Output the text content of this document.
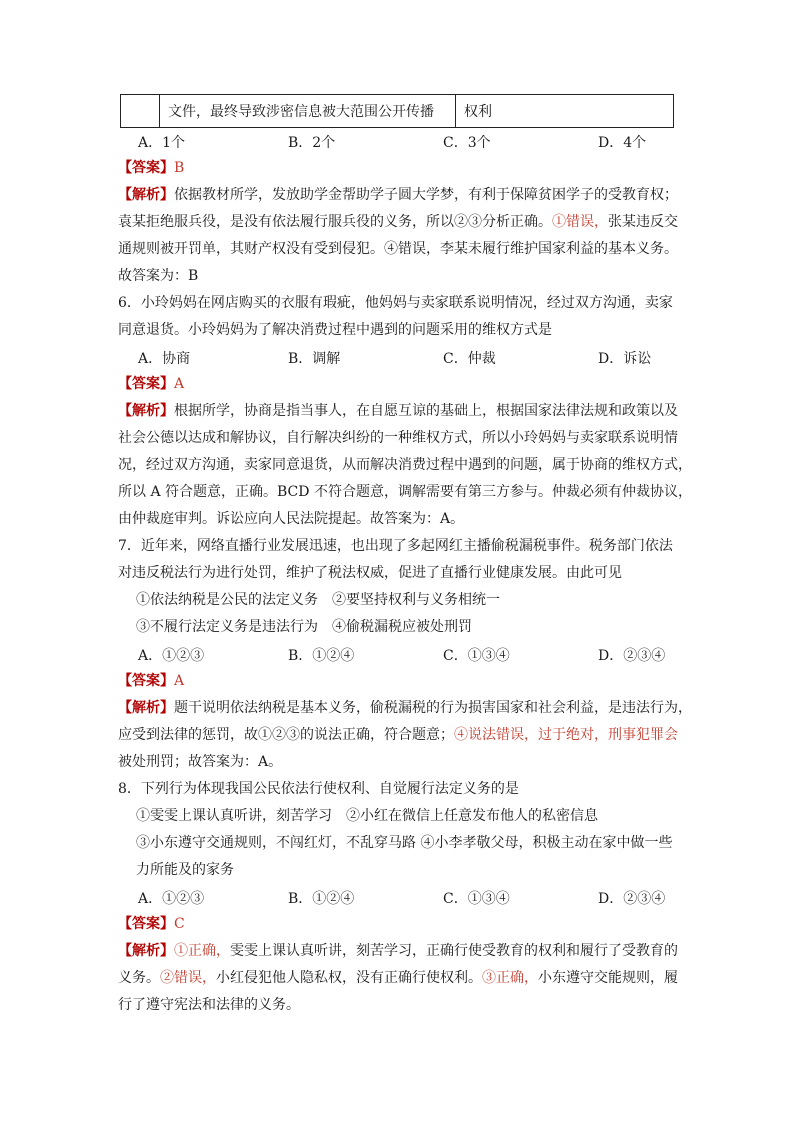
	文件，最终导致涉密信息被大范围公开传播	权利
A．1个	B．2个	C．3个	D．4个
【答案】B
【解析】依据教材所学，发放助学金帮助学子圆大学梦，有利于保障贫困学子的受教育权；
袁某拒绝服兵役，是没有依法履行服兵役的义务，所以②③分析正确。①错误，张某违反交
通规则被开罚单，其财产权没有受到侵犯。④错误，李某未履行维护国家利益的基本义务。
故答案为：B
6．小玲妈妈在网店购买的衣服有瑕疵，他妈妈与卖家联系说明情况，经过双方沟通，卖家
同意退货。小玲妈妈为了解决消费过程中遇到的问题采用的维权方式是
A．协商	B．调解	C．仲裁	D．诉讼
【答案】A
【解析】根据所学，协商是指当事人，在自愿互谅的基础上，根据国家法律法规和政策以及
社会公德以达成和解协议，自行解决纠纷的一种维权方式，所以小玲妈妈与卖家联系说明情
况，经过双方沟通，卖家同意退货，从而解决消费过程中遇到的问题，属于协商的维权方式，
所以 A 符合题意，正确。BCD 不符合题意，调解需要有第三方参与。仲裁必须有仲裁协议，
由仲裁庭审判。诉讼应向人民法院提起。故答案为：A。
7．近年来，网络直播行业发展迅速，也出现了多起网红主播偷税漏税事件。税务部门依法
对违反税法行为进行处罚，维护了税法权威，促进了直播行业健康发展。由此可见
①依法纳税是公民的法定义务　②要坚持权利与义务相统一
③不履行法定义务是违法行为　④偷税漏税应被处刑罚
A．①②③	B．①②④	C．①③④	D．②③④
【答案】A
【解析】题干说明依法纳税是基本义务，偷税漏税的行为损害国家和社会利益，是违法行为，
应受到法律的惩罚，故①②③的说法正确，符合题意；④说法错误，过于绝对，刑事犯罪会
被处刑罚；故答案为：A。
8．下列行为体现我国公民依法行使权利、自觉履行法定义务的是
①雯雯上课认真听讲，刻苦学习　②小红在微信上任意发布他人的私密信息
③小东遵守交通规则，不闯红灯，不乱穿马路 ④小李孝敬父母，积极主动在家中做一些
力所能及的家务
A．①②③	B．①②④	C．①③④	D．②③④
【答案】C
【解析】①正确，雯雯上课认真听讲，刻苦学习，正确行使受教育的权利和履行了受教育的
义务。②错误，小红侵犯他人隐私权，没有正确行使权利。③正确，小东遵守交能规则，履
行了遵守宪法和法律的义务。
